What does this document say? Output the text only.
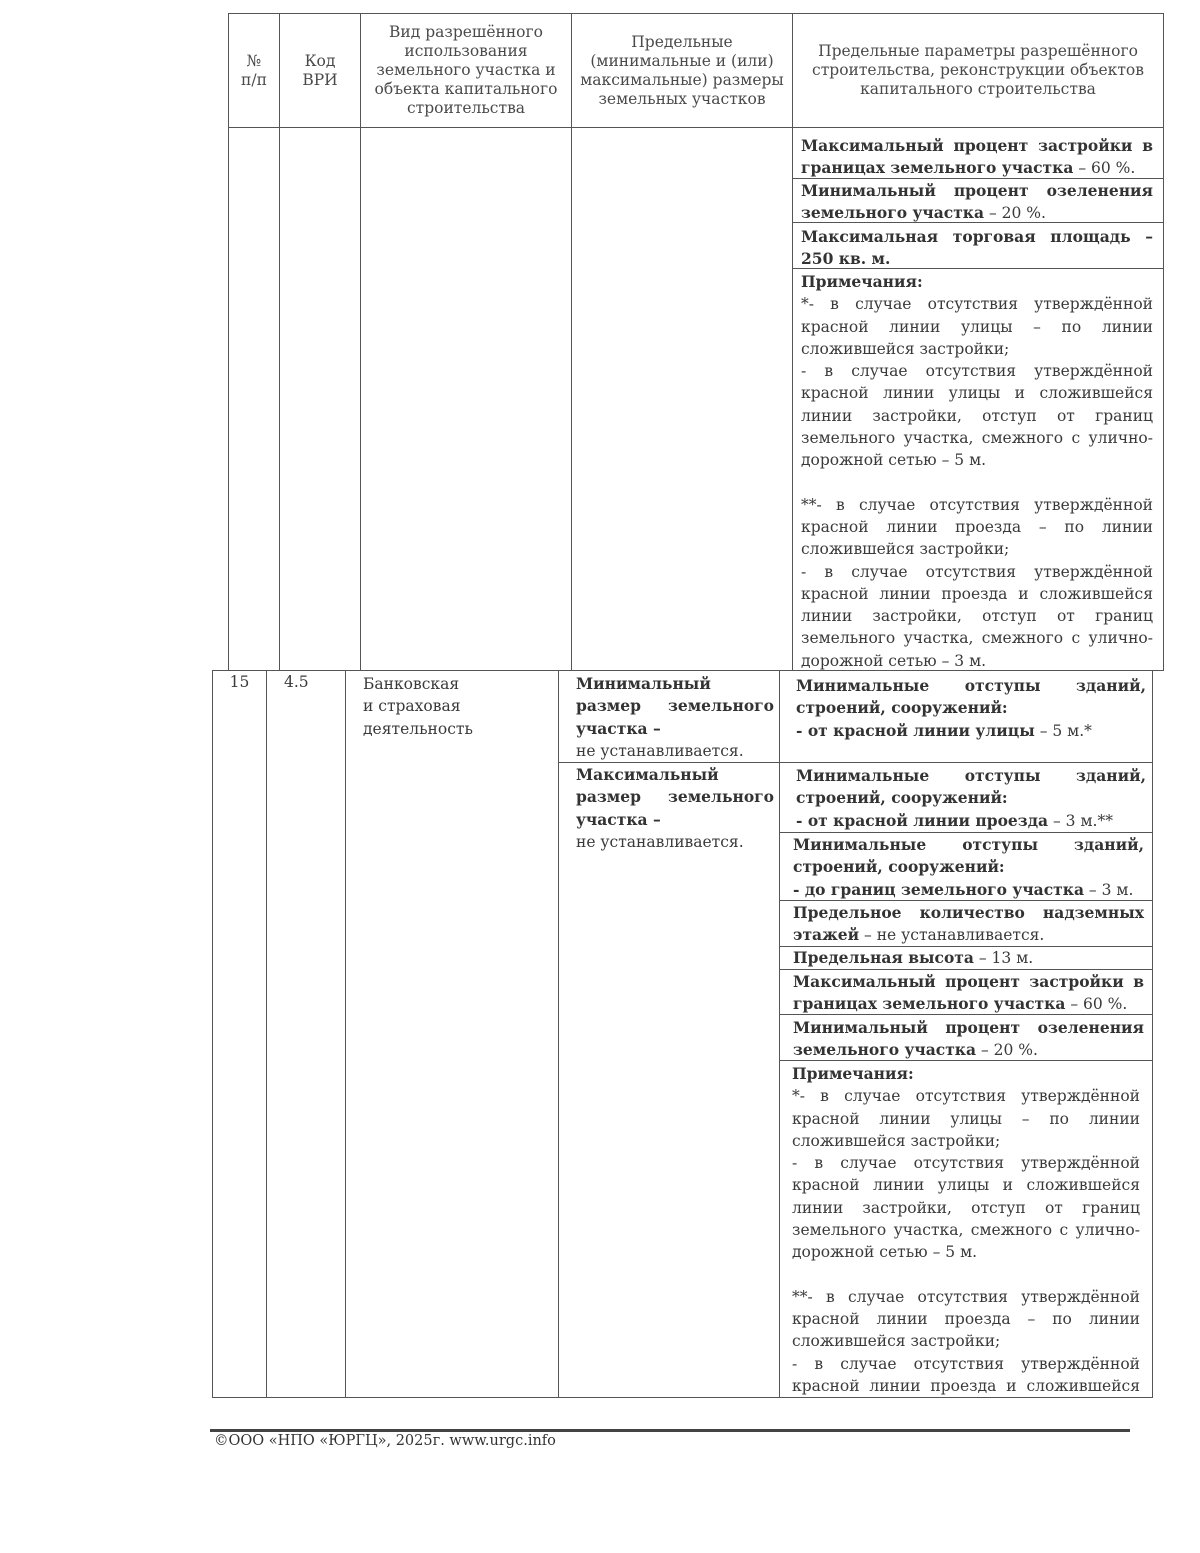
№
п/п
Код
ВРИ
Вид разрешённого использования земельного участка и объекта капитального строительства
Предельные (минимальные и (или) максимальные) размеры земельных участков
Предельные параметры разрешённого строительства, реконструкции объектов капитального строительства
Максимальный процент застройки в границах земельного участка – 60 %.
Минимальный процент озеленения земельного участка – 20 %.
Максимальная торговая площадь – 250 кв. м.

Примечания:

*- в случае отсутствия утверждённой красной линии улицы – по линии сложившейся застройки;

- в случае отсутствия утверждённой красной линии улицы и сложившейся линии застройки, отступ от границ земельного участка, смежного с улично-дорожной сетью – 5 м.

**- в случае отсутствия утверждённой красной линии проезда – по линии сложившейся застройки;

- в случае отсутствия утверждённой красной линии проезда и сложившейся линии застройки, отступ от границ земельного участка, смежного с улично-дорожной сетью – 3 м.

15	4.5	Банковская
и страховая
деятельность
Минимальный размер земельного участка –
не устанавливается.
Максимальный размер земельного участка –
не устанавливается.
Минимальные отступы зданий, строений, сооружений:
- от красной линии улицы – 5 м.*
Минимальные отступы зданий, строений, сооружений:
- от красной линии проезда – 3 м.**
Минимальные отступы зданий, строений, сооружений:
- до границ земельного участка – 3 м.
Предельное количество надземных этажей – не устанавливается.
Предельная высота – 13 м.
Максимальный процент застройки в границах земельного участка – 60 %.
Минимальный процент озеленения земельного участка – 20 %.

Примечания:

*- в случае отсутствия утверждённой красной линии улицы – по линии сложившейся застройки;

- в случае отсутствия утверждённой красной линии улицы и сложившейся линии застройки, отступ от границ земельного участка, смежного с улично-дорожной сетью – 5 м.

**- в случае отсутствия утверждённой красной линии проезда – по линии сложившейся застройки;

- в случае отсутствия утверждённой красной линии проезда и сложившейся

©ООО «НПО «ЮРГЦ», 2025г. www.urgc.info
